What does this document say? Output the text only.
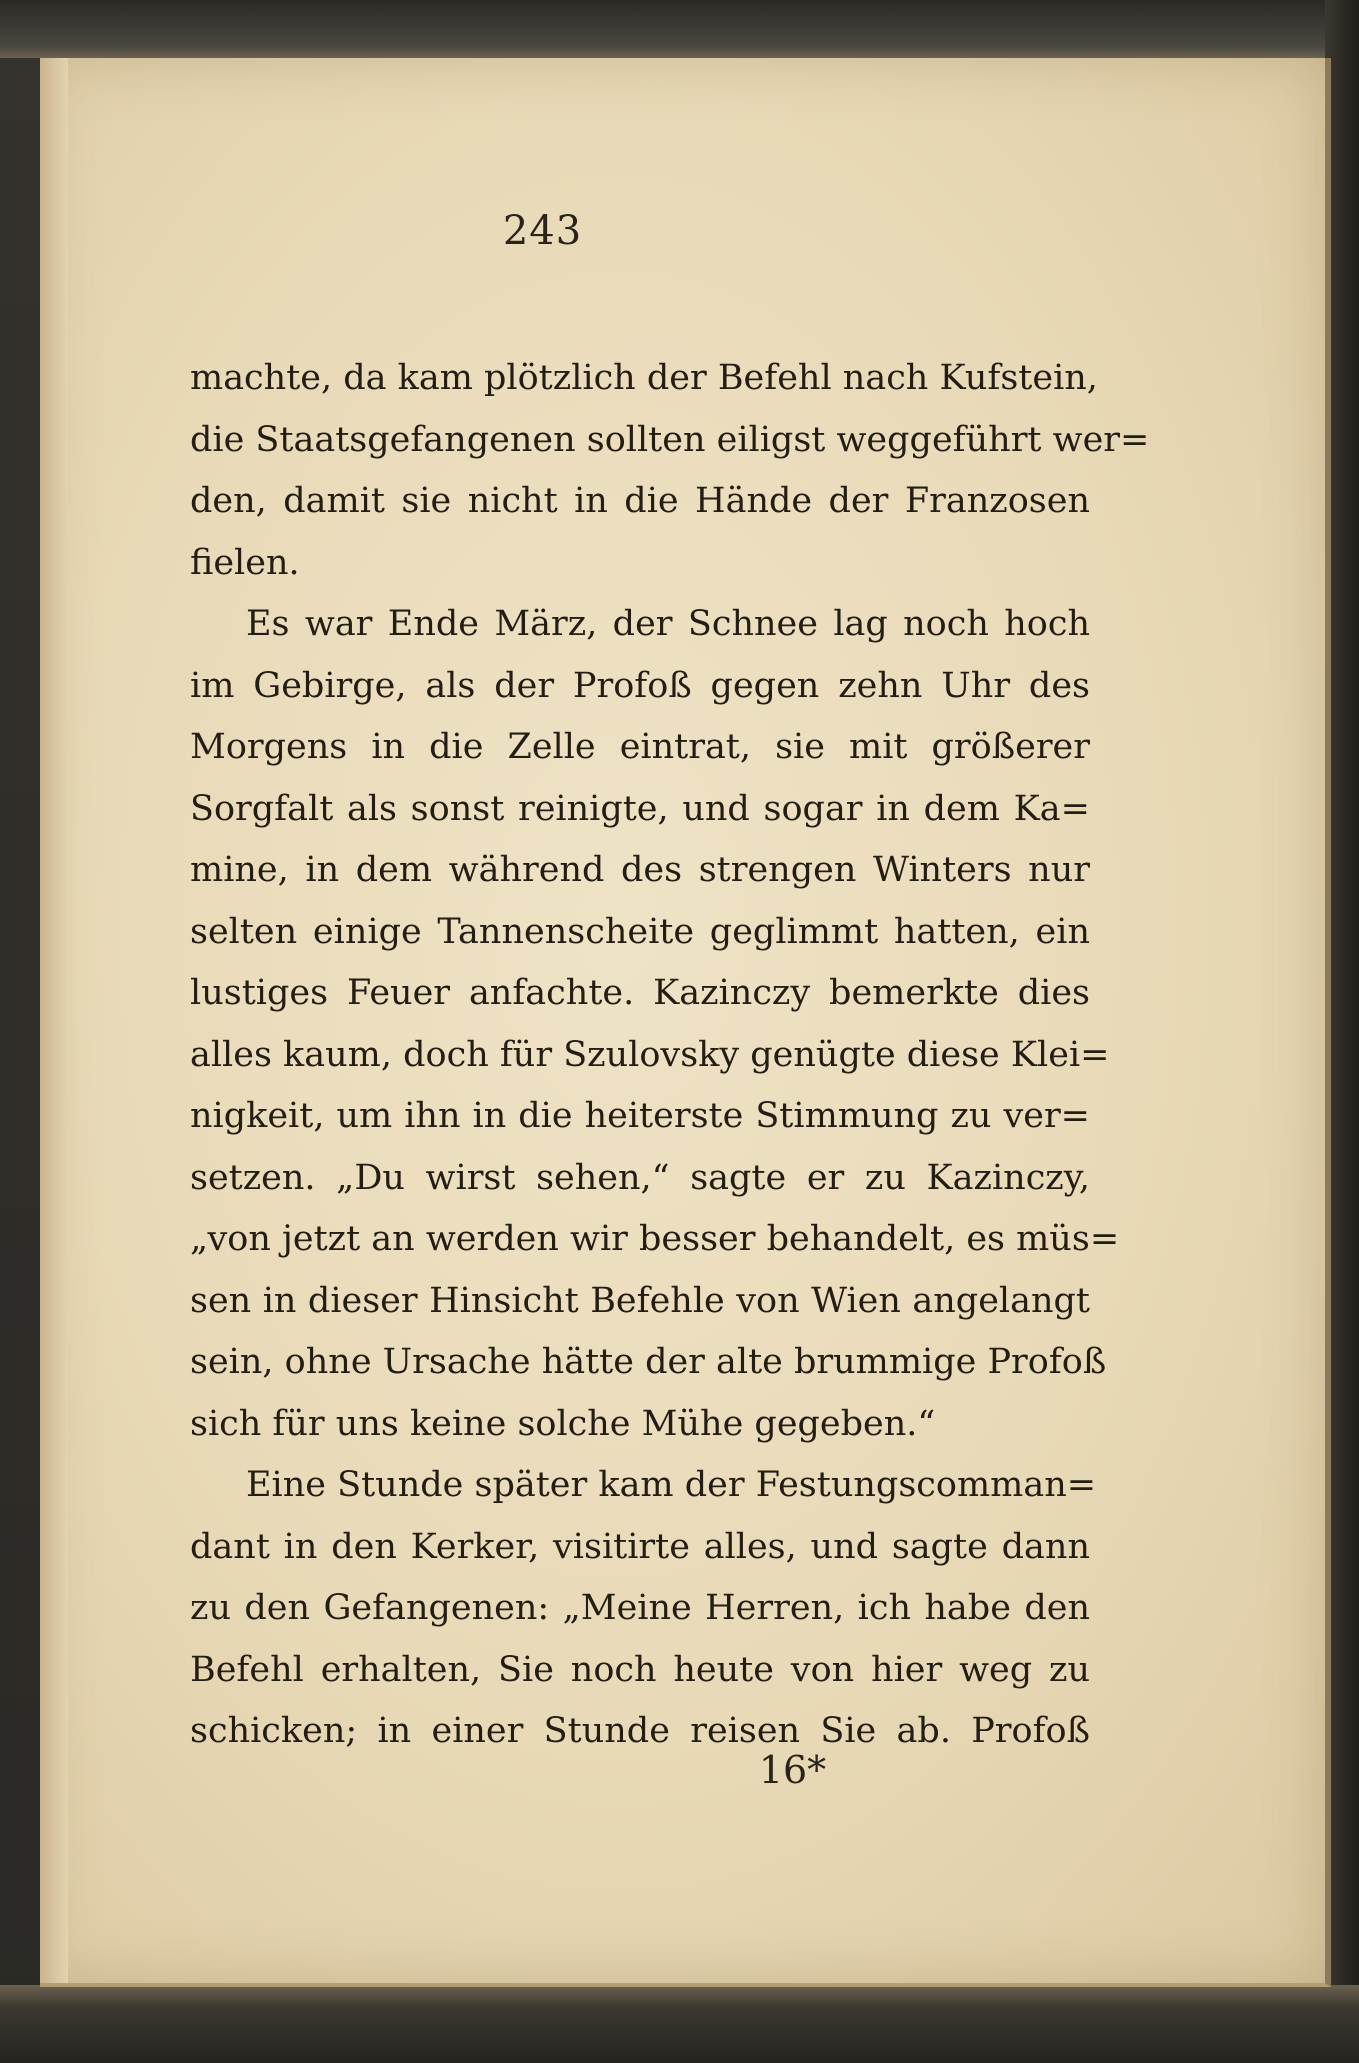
243
machte, da kam plötzlich der Befehl nach Kufstein,
die Staatsgefangenen sollten eiligst weggeführt wer=
den, damit sie nicht in die Hände der Franzosen
fielen.
Es war Ende März, der Schnee lag noch hoch
im Gebirge, als der Profoß gegen zehn Uhr des
Morgens in die Zelle eintrat, sie mit größerer
Sorgfalt als sonst reinigte, und sogar in dem Ka=
mine, in dem während des strengen Winters nur
selten einige Tannenscheite geglimmt hatten, ein
lustiges Feuer anfachte. Kazinczy bemerkte dies
alles kaum, doch für Szulovsky genügte diese Klei=
nigkeit, um ihn in die heiterste Stimmung zu ver=
setzen. „Du wirst sehen,“ sagte er zu Kazinczy,
„von jetzt an werden wir besser behandelt, es müs=
sen in dieser Hinsicht Befehle von Wien angelangt
sein, ohne Ursache hätte der alte brummige Profoß
sich für uns keine solche Mühe gegeben.“
Eine Stunde später kam der Festungscomman=
dant in den Kerker, visitirte alles, und sagte dann
zu den Gefangenen: „Meine Herren, ich habe den
Befehl erhalten, Sie noch heute von hier weg zu
schicken; in einer Stunde reisen Sie ab. Profoß
16*
